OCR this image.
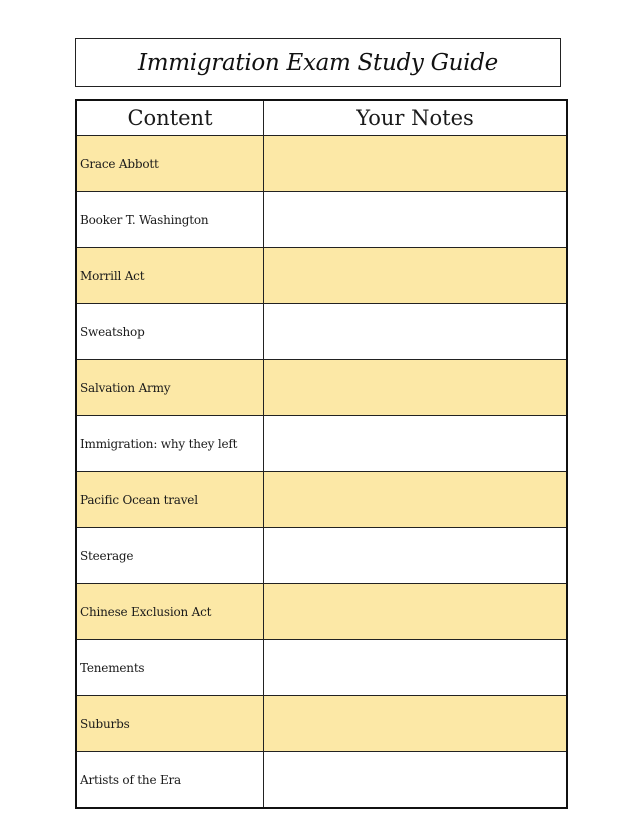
Immigration Exam Study Guide
Content	Your Notes
Grace Abbott	
Booker T. Washington	
Morrill Act	
Sweatshop	
Salvation Army	
Immigration: why they left	
Pacific Ocean travel	
Steerage	
Chinese Exclusion Act	
Tenements	
Suburbs	
Artists of the Era	
